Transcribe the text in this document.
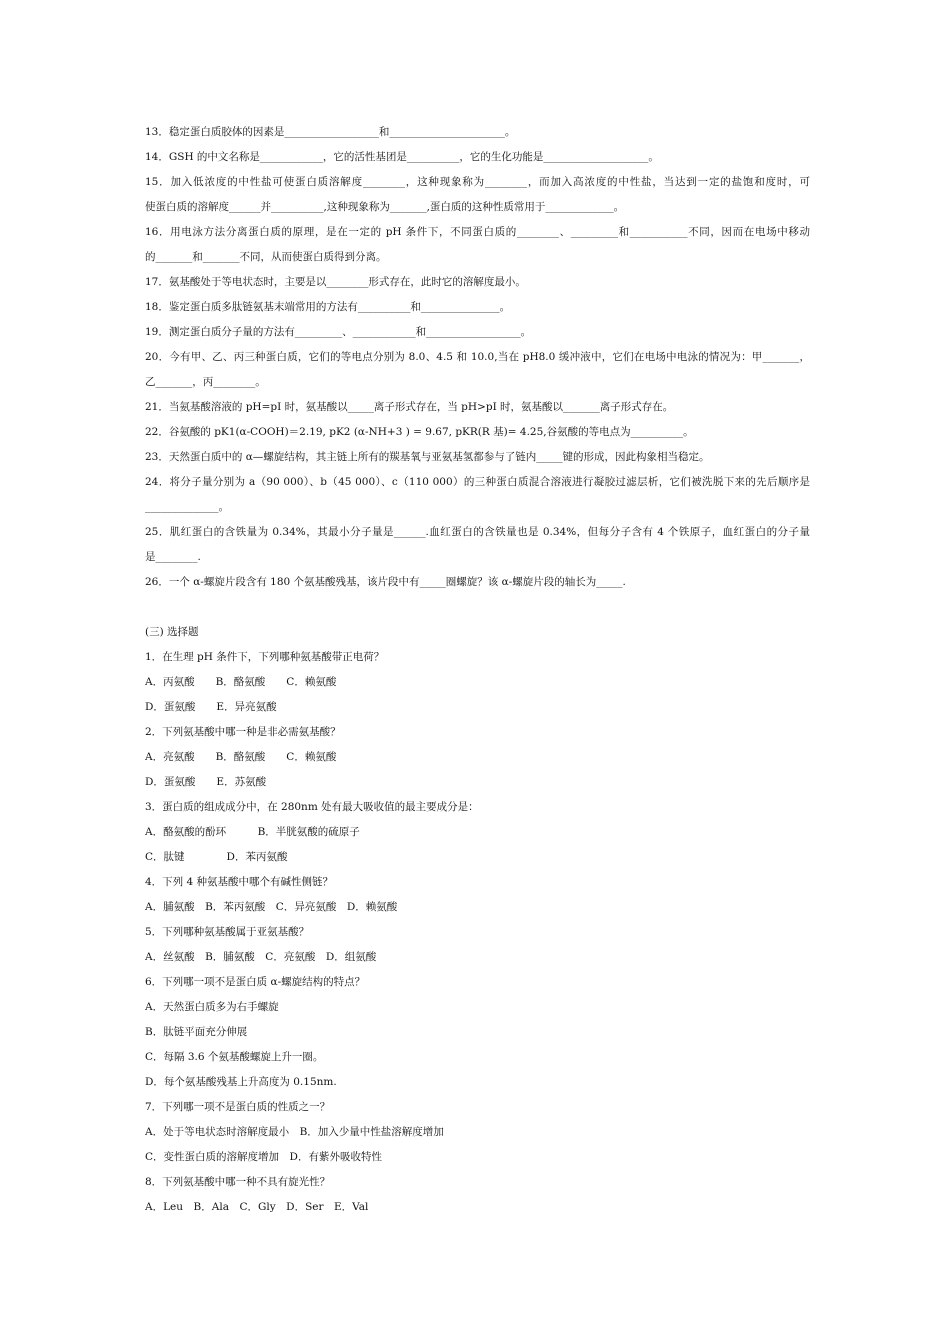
13．稳定蛋白质胶体的因素是__________________和______________________。
14．GSH 的中文名称是____________，它的活性基团是__________，它的生化功能是____________________。
15．加入低浓度的中性盐可使蛋白质溶解度________，这种现象称为________，而加入高浓度的中性盐，当达到一定的盐饱和度时，可
使蛋白质的溶解度______并__________,这种现象称为_______,蛋白质的这种性质常用于_____________。
16．用电泳方法分离蛋白质的原理，是在一定的 pH 条件下，不同蛋白质的________、_________和___________不同，因而在电场中移动
的_______和_______不同，从而使蛋白质得到分离。
17．氨基酸处于等电状态时，主要是以________形式存在，此时它的溶解度最小。
18．鉴定蛋白质多肽链氨基末端常用的方法有__________和_______________。
19．测定蛋白质分子量的方法有_________、____________和__________________。
20．今有甲、乙、丙三种蛋白质，它们的等电点分别为 8.0、4.5 和 10.0,当在 pH8.0 缓冲液中，它们在电场中电泳的情况为：甲_______，
乙_______，丙________。
21．当氨基酸溶液的 pH=pI 时，氨基酸以_____离子形式存在，当 pH>pI 时，氨基酸以_______离子形式存在。
22．谷氨酸的 pK1(α-COOH)＝2.19, pK2 (α-NH+3 ) = 9.67, pKR(R 基)= 4.25,谷氨酸的等电点为__________。
23．天然蛋白质中的 α—螺旋结构，其主链上所有的羰基氧与亚氨基氢都参与了链内_____键的形成，因此构象相当稳定。
24．将分子量分别为 a（90 000）、b（45 000）、c（110 000）的三种蛋白质混合溶液进行凝胶过滤层析，它们被洗脱下来的先后顺序是
______________。
25．肌红蛋白的含铁量为 0.34%，其最小分子量是______.血红蛋白的含铁量也是 0.34%，但每分子含有 4 个铁原子，血红蛋白的分子量
是________.
26．一个 α-螺旋片段含有 180 个氨基酸残基，该片段中有_____圈螺旋？该 α-螺旋片段的轴长为_____.
(三) 选择题
1．在生理 pH 条件下，下列哪种氨基酸带正电荷？
A．丙氨酸　　B．酪氨酸　　C．赖氨酸
D．蛋氨酸　　E．异亮氨酸
2．下列氨基酸中哪一种是非必需氨基酸？
A．亮氨酸　　B．酪氨酸　　C．赖氨酸
D．蛋氨酸　　E．苏氨酸
3．蛋白质的组成成分中，在 280nm 处有最大吸收值的最主要成分是：
A．酪氨酸的酚环　　　B．半胱氨酸的硫原子
C．肽键　　　　D．苯丙氨酸
4．下列 4 种氨基酸中哪个有碱性侧链？
A．脯氨酸　B．苯丙氨酸　C．异亮氨酸　D．赖氨酸
5．下列哪种氨基酸属于亚氨基酸？
A．丝氨酸　B．脯氨酸　C．亮氨酸　D．组氨酸
6．下列哪一项不是蛋白质 α-螺旋结构的特点？
A．天然蛋白质多为右手螺旋
B．肽链平面充分伸展
C．每隔 3.6 个氨基酸螺旋上升一圈。
D．每个氨基酸残基上升高度为 0.15nm.
7．下列哪一项不是蛋白质的性质之一？
A．处于等电状态时溶解度最小　B．加入少量中性盐溶解度增加
C．变性蛋白质的溶解度增加　D．有紫外吸收特性
8．下列氨基酸中哪一种不具有旋光性？
A．Leu　B．Ala　C．Gly　D．Ser　E．Val
